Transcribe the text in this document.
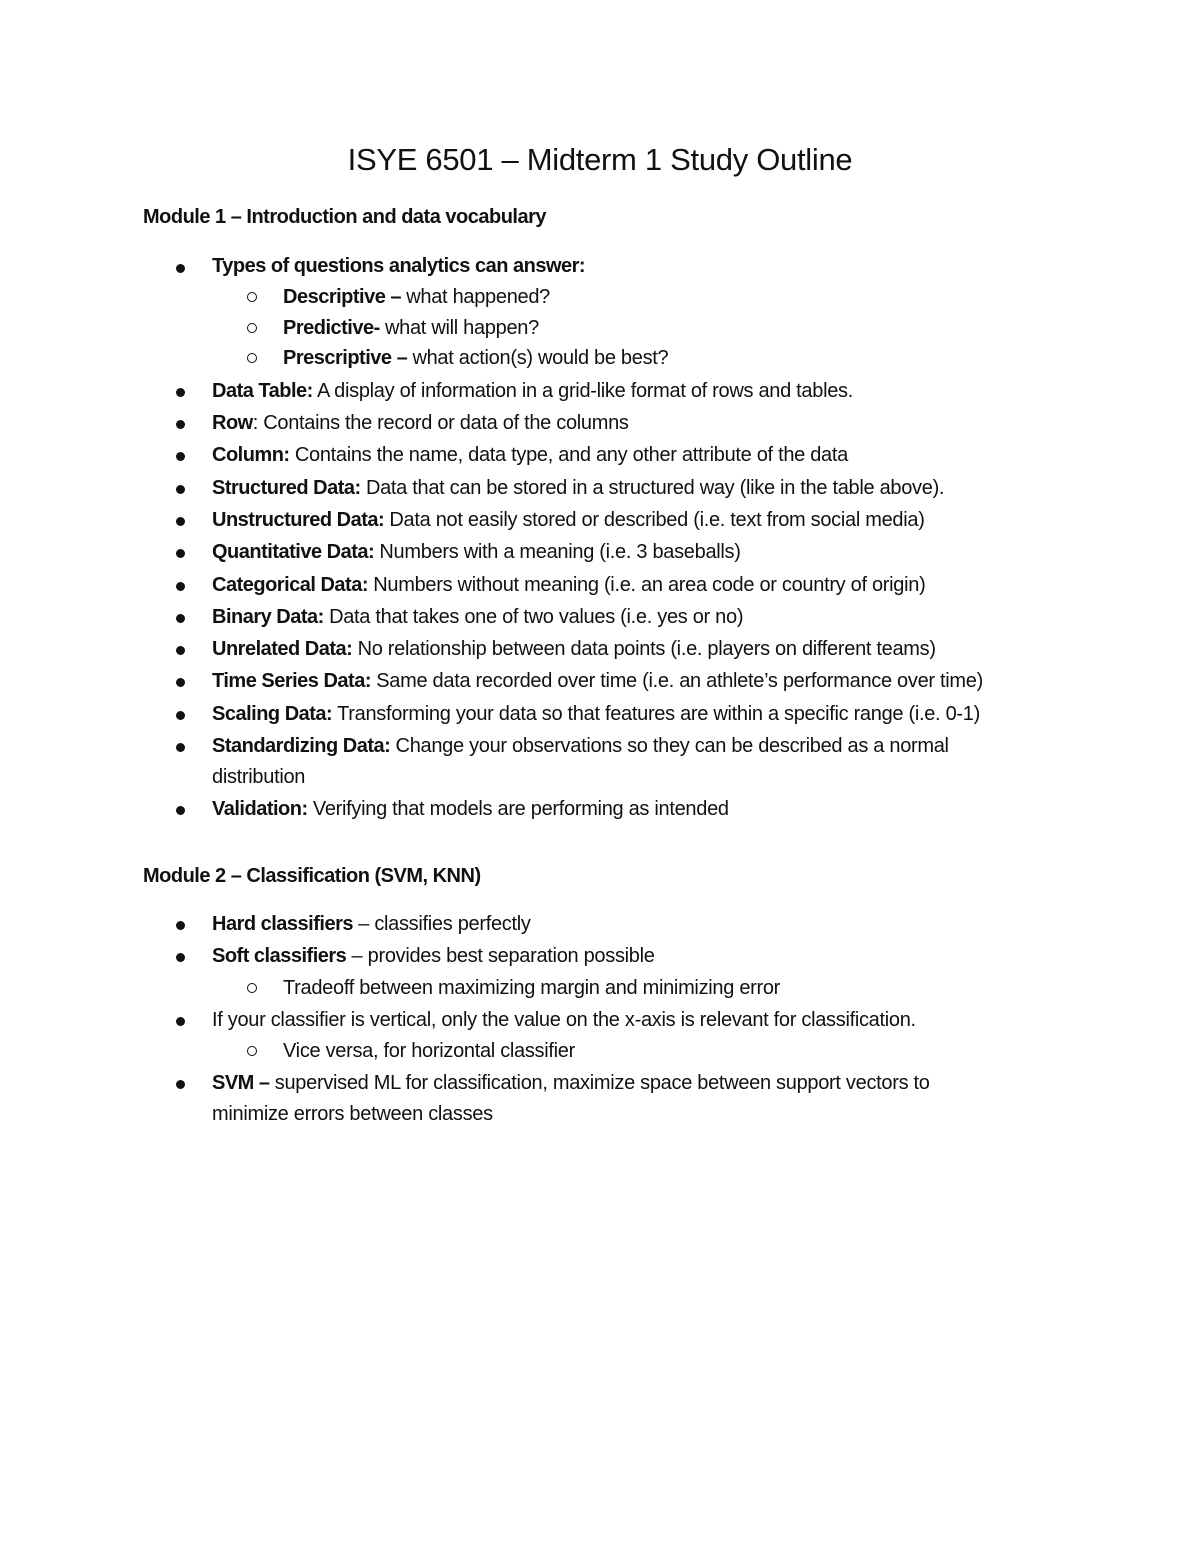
ISYE 6501 – Midterm 1 Study Outline
Module 1 – Introduction and data vocabulary
Types of questions analytics can answer:
Descriptive – what happened?
Predictive- what will happen?
Prescriptive – what action(s) would be best?
Data Table: A display of information in a grid-like format of rows and tables.
Row: Contains the record or data of the columns
Column: Contains the name, data type, and any other attribute of the data
Structured Data: Data that can be stored in a structured way (like in the table above).
Unstructured Data: Data not easily stored or described (i.e. text from social media)
Quantitative Data: Numbers with a meaning (i.e. 3 baseballs)
Categorical Data: Numbers without meaning (i.e. an area code or country of origin)
Binary Data: Data that takes one of two values (i.e. yes or no)
Unrelated Data: No relationship between data points (i.e. players on different teams)
Time Series Data: Same data recorded over time (i.e. an athlete’s performance over time)
Scaling Data: Transforming your data so that features are within a specific range (i.e. 0-1)
Standardizing Data: Change your observations so they can be described as a normal
distribution
Validation: Verifying that models are performing as intended
Module 2 – Classification (SVM, KNN)
Hard classifiers – classifies perfectly
Soft classifiers – provides best separation possible
Tradeoff between maximizing margin and minimizing error
If your classifier is vertical, only the value on the x-axis is relevant for classification.
Vice versa, for horizontal classifier
SVM – supervised ML for classification, maximize space between support vectors to
minimize errors between classes
